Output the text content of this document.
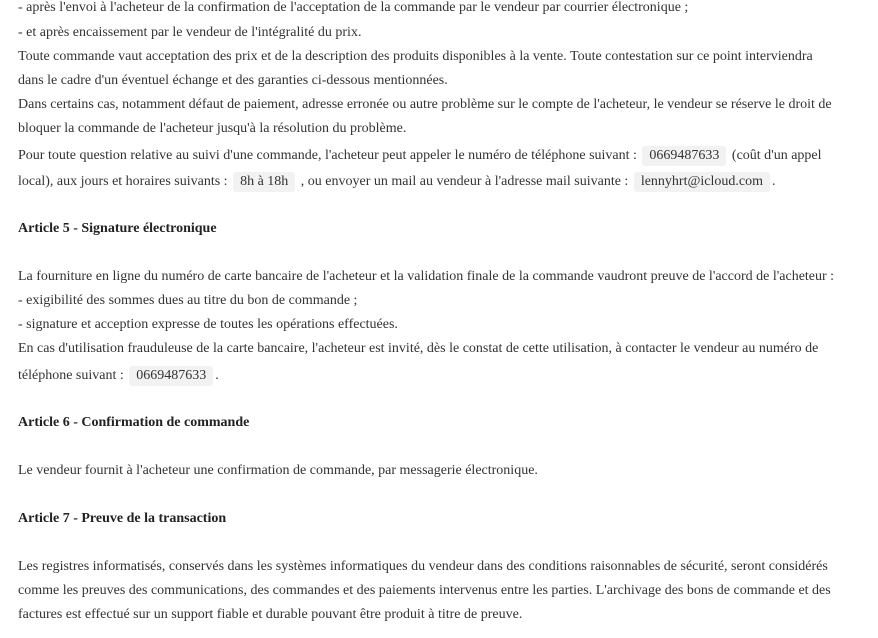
- après l'envoi à l'acheteur de la confirmation de l'acceptation de la commande par le vendeur par courrier électronique ;

- et après encaissement par le vendeur de l'intégralité du prix.

Toute commande vaut acceptation des prix et de la description des produits disponibles à la vente. Toute contestation sur ce point interviendra

dans le cadre d'un éventuel échange et des garanties ci-dessous mentionnées.

Dans certains cas, notamment défaut de paiement, adresse erronée ou autre problème sur le compte de l'acheteur, le vendeur se réserve le droit de

bloquer la commande de l'acheteur jusqu'à la résolution du problème.

Pour toute question relative au suivi d'une commande, l'acheteur peut appeler le numéro de téléphone suivant : 0669487633 (coût d'un appel

local), aux jours et horaires suivants : 8h à 18h , ou envoyer un mail au vendeur à l'adresse mail suivante : lennyhrt@icloud.com .

Article 5 - Signature électronique

La fourniture en ligne du numéro de carte bancaire de l'acheteur et la validation finale de la commande vaudront preuve de l'accord de l'acheteur :

- exigibilité des sommes dues au titre du bon de commande ;

- signature et acception expresse de toutes les opérations effectuées.

En cas d'utilisation frauduleuse de la carte bancaire, l'acheteur est invité, dès le constat de cette utilisation, à contacter le vendeur au numéro de

téléphone suivant : 0669487633 .

Article 6 - Confirmation de commande

Le vendeur fournit à l'acheteur une confirmation de commande, par messagerie électronique.

Article 7 - Preuve de la transaction

Les registres informatisés, conservés dans les systèmes informatiques du vendeur dans des conditions raisonnables de sécurité, seront considérés

comme les preuves des communications, des commandes et des paiements intervenus entre les parties. L'archivage des bons de commande et des

factures est effectué sur un support fiable et durable pouvant être produit à titre de preuve.
